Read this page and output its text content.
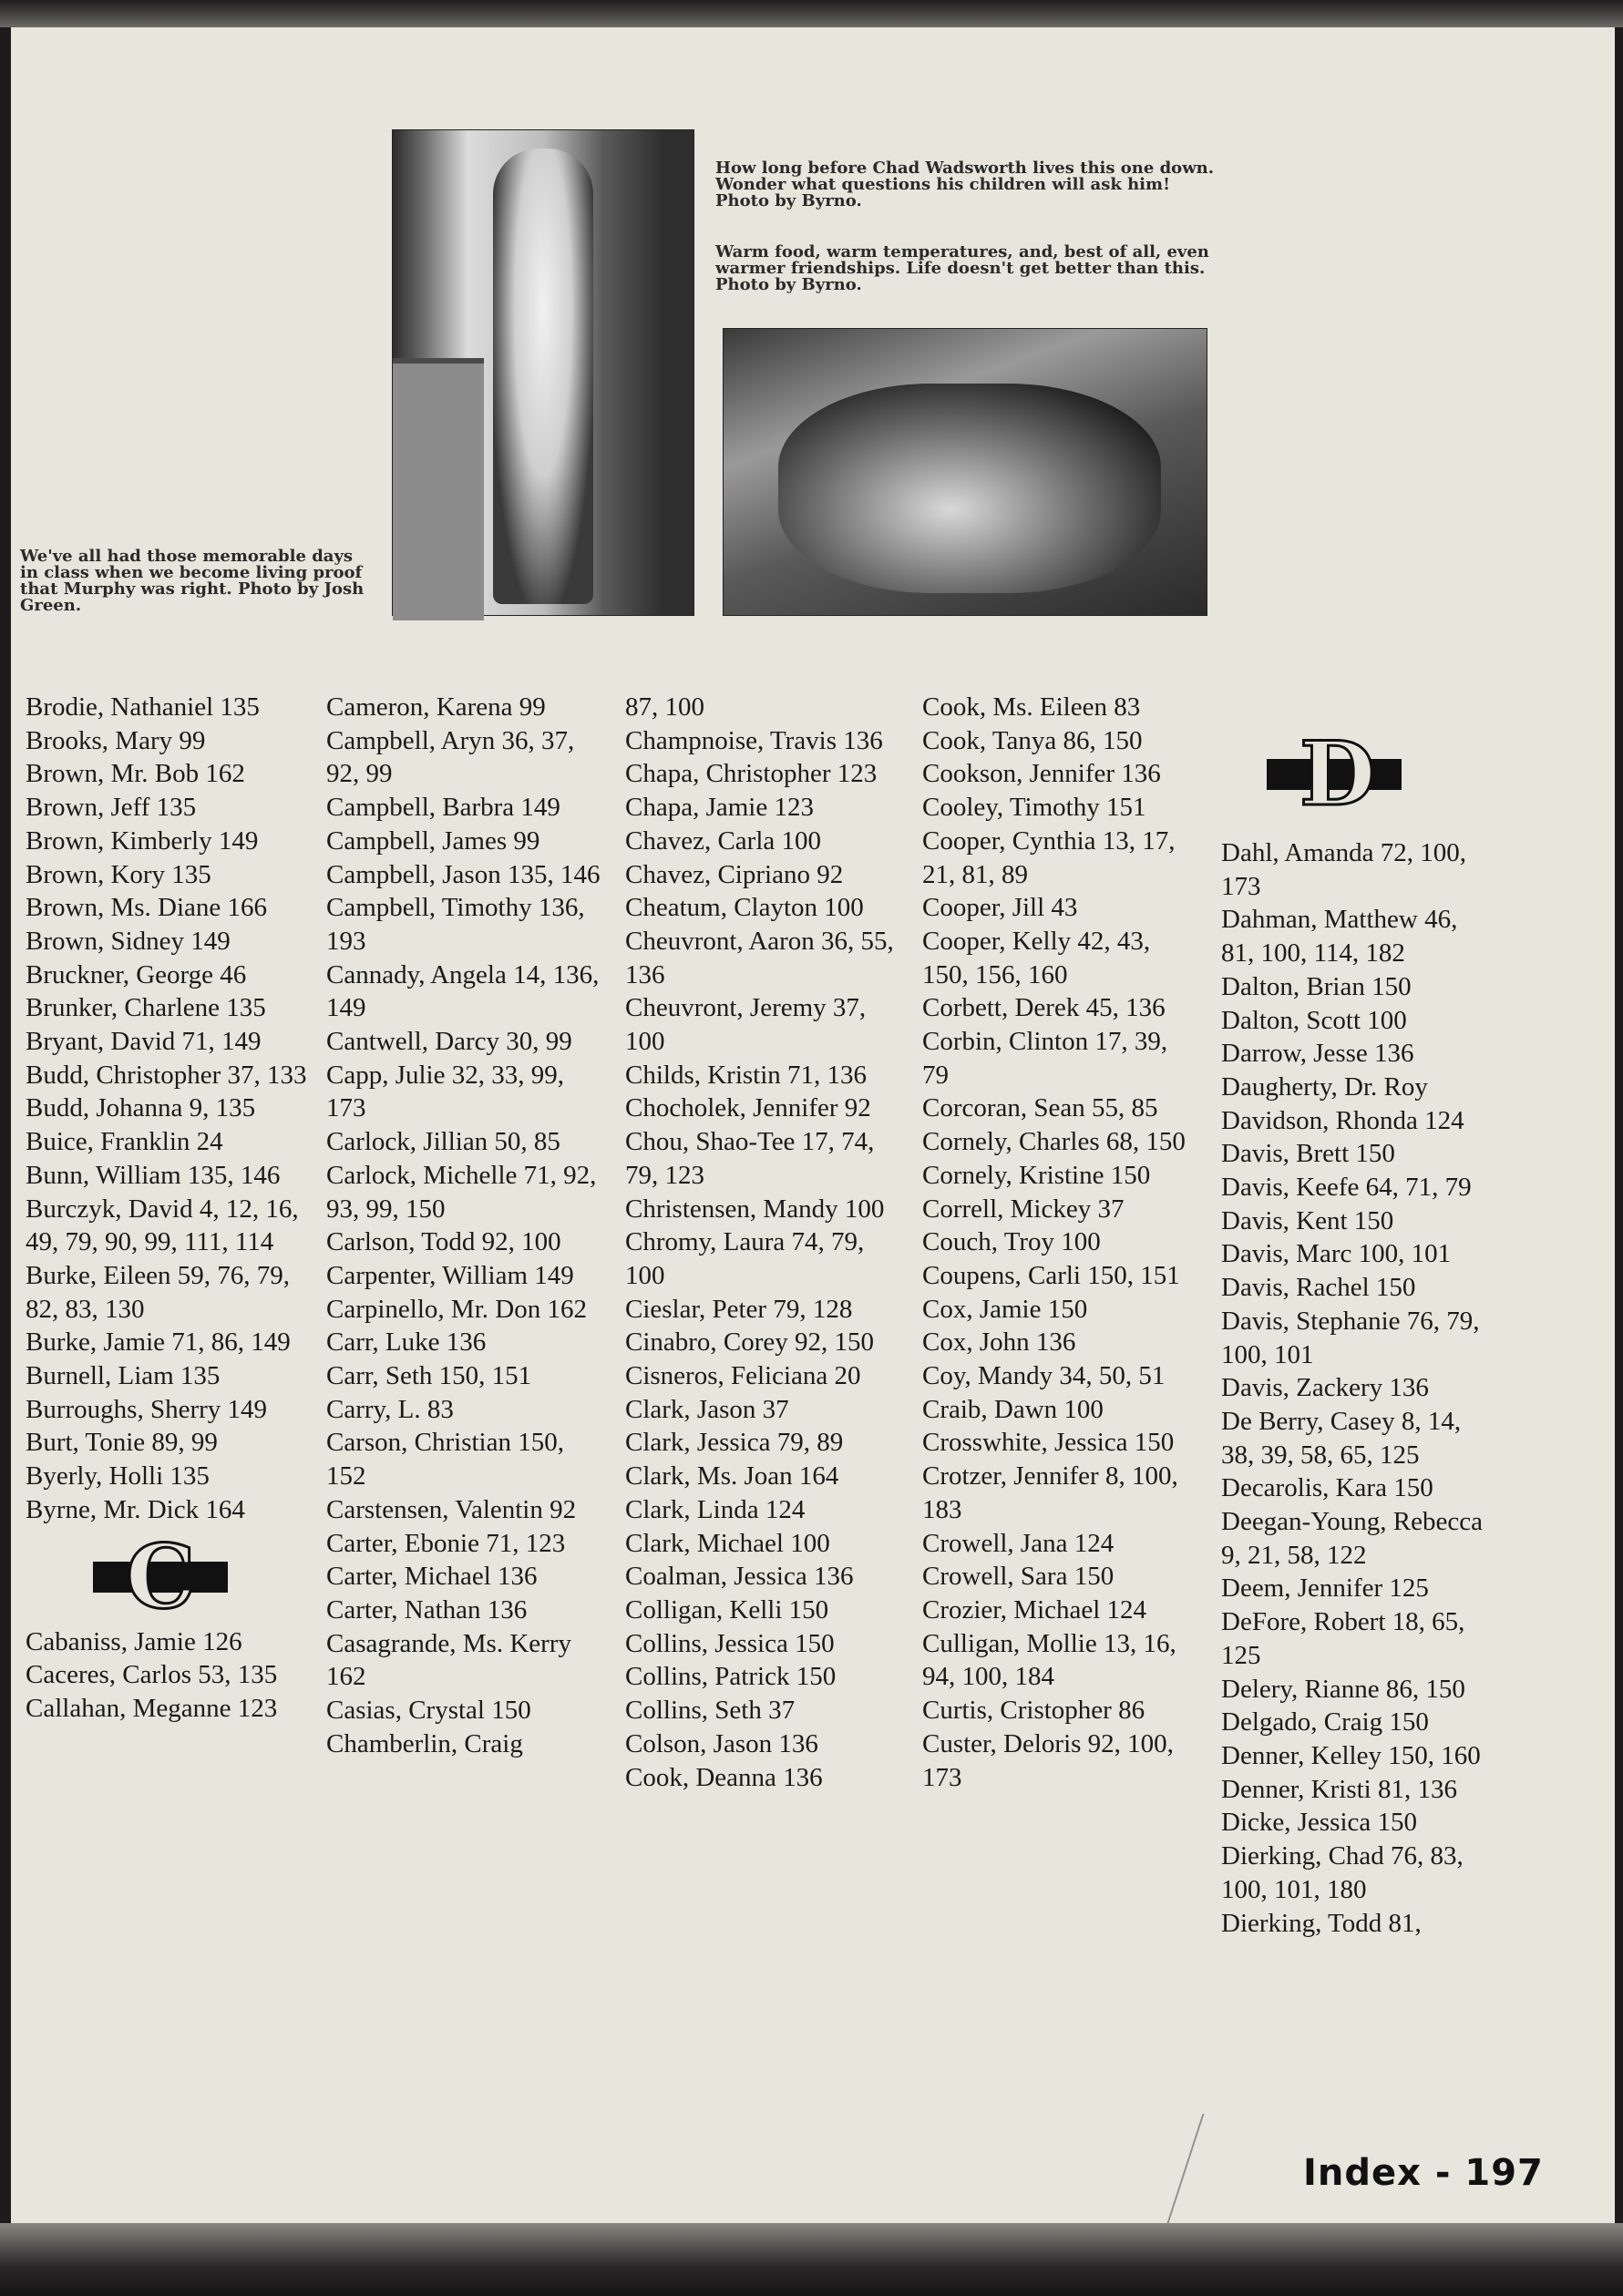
We've all had those memorable days in class when we become living proof that Murphy was right. Photo by Josh Green.
How long before Chad Wadsworth lives this one down. Wonder what questions his children will ask him! Photo by Byrno.
Warm food, warm temperatures, and, best of all, even warmer friendships. Life doesn't get better than this. Photo by Byrno.
Brodie, Nathaniel 135
Brooks, Mary 99
Brown, Mr. Bob 162
Brown, Jeff 135
Brown, Kimberly 149
Brown, Kory 135
Brown, Ms. Diane 166
Brown, Sidney 149
Bruckner, George 46
Brunker, Charlene 135
Bryant, David 71, 149
Budd, Christopher 37, 133
Budd, Johanna 9, 135
Buice, Franklin 24
Bunn, William 135, 146
Burczyk, David 4, 12, 16, 49, 79, 90, 99, 111, 114
Burke, Eileen 59, 76, 79, 82, 83, 130
Burke, Jamie 71, 86, 149
Burnell, Liam 135
Burroughs, Sherry 149
Burt, Tonie 89, 99
Byerly, Holli 135
Byrne, Mr. Dick 164
C
Cabaniss, Jamie 126
Caceres, Carlos 53, 135
Callahan, Meganne 123
Cameron, Karena 99
Campbell, Aryn 36, 37, 92, 99
Campbell, Barbra 149
Campbell, James 99
Campbell, Jason 135, 146
Campbell, Timothy 136, 193
Cannady, Angela 14, 136, 149
Cantwell, Darcy 30, 99
Capp, Julie 32, 33, 99, 173
Carlock, Jillian 50, 85
Carlock, Michelle 71, 92, 93, 99, 150
Carlson, Todd 92, 100
Carpenter, William 149
Carpinello, Mr. Don 162
Carr, Luke 136
Carr, Seth 150, 151
Carry, L. 83
Carson, Christian 150, 152
Carstensen, Valentin 92
Carter, Ebonie 71, 123
Carter, Michael 136
Carter, Nathan 136
Casagrande, Ms. Kerry 162
Casias, Crystal 150
Chamberlin, Craig
87, 100
Champnoise, Travis 136
Chapa, Christopher 123
Chapa, Jamie 123
Chavez, Carla 100
Chavez, Cipriano 92
Cheatum, Clayton 100
Cheuvront, Aaron 36, 55, 136
Cheuvront, Jeremy 37, 100
Childs, Kristin 71, 136
Chocholek, Jennifer 92
Chou, Shao-Tee 17, 74, 79, 123
Christensen, Mandy 100
Chromy, Laura 74, 79, 100
Cieslar, Peter 79, 128
Cinabro, Corey 92, 150
Cisneros, Feliciana 20
Clark, Jason 37
Clark, Jessica 79, 89
Clark, Ms. Joan 164
Clark, Linda 124
Clark, Michael 100
Coalman, Jessica 136
Colligan, Kelli 150
Collins, Jessica 150
Collins, Patrick 150
Collins, Seth 37
Colson, Jason 136
Cook, Deanna 136
Cook, Ms. Eileen 83
Cook, Tanya 86, 150
Cookson, Jennifer 136
Cooley, Timothy 151
Cooper, Cynthia 13, 17, 21, 81, 89
Cooper, Jill 43
Cooper, Kelly 42, 43, 150, 156, 160
Corbett, Derek 45, 136
Corbin, Clinton 17, 39, 79
Corcoran, Sean 55, 85
Cornely, Charles 68, 150
Cornely, Kristine 150
Correll, Mickey 37
Couch, Troy 100
Coupens, Carli 150, 151
Cox, Jamie 150
Cox, John 136
Coy, Mandy 34, 50, 51
Craib, Dawn 100
Crosswhite, Jessica 150
Crotzer, Jennifer 8, 100, 183
Crowell, Jana 124
Crowell, Sara 150
Crozier, Michael 124
Culligan, Mollie 13, 16, 94, 100, 184
Curtis, Cristopher 86
Custer, Deloris 92, 100, 173
D
Dahl, Amanda 72, 100, 173
Dahman, Matthew 46, 81, 100, 114, 182
Dalton, Brian 150
Dalton, Scott 100
Darrow, Jesse 136
Daugherty, Dr. Roy
Davidson, Rhonda 124
Davis, Brett 150
Davis, Keefe 64, 71, 79
Davis, Kent 150
Davis, Marc 100, 101
Davis, Rachel 150
Davis, Stephanie 76, 79, 100, 101
Davis, Zackery 136
De Berry, Casey 8, 14, 38, 39, 58, 65, 125
Decarolis, Kara 150
Deegan-Young, Rebecca 9, 21, 58, 122
Deem, Jennifer 125
DeFore, Robert 18, 65, 125
Delery, Rianne 86, 150
Delgado, Craig 150
Denner, Kelley 150, 160
Denner, Kristi 81, 136
Dicke, Jessica 150
Dierking, Chad 76, 83, 100, 101, 180
Dierking, Todd 81,
Index - 197
